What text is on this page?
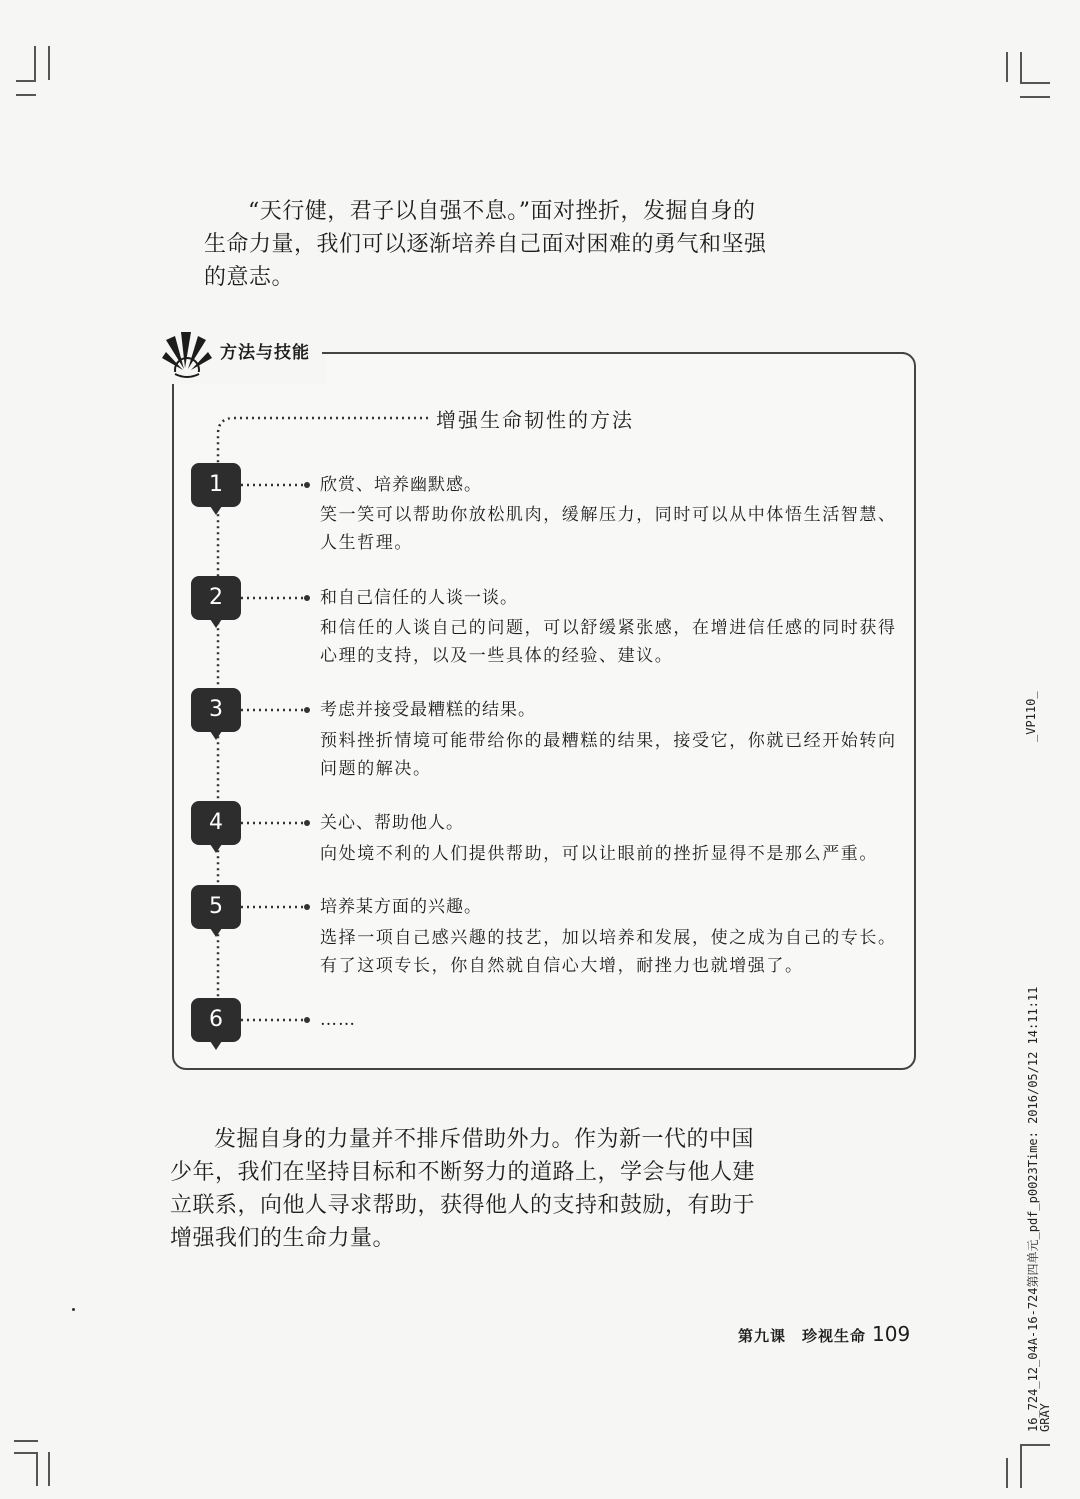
“天行健，君子以自强不息。”面对挫折，发掘自身的生命力量，我们可以逐渐培养自己面对困难的勇气和坚强的意志。

方法与技能
增强生命韧性的方法
1	欣赏、培养幽默感。

笑一笑可以帮助你放松肌肉，缓解压力，同时可以从中体悟生活智慧、人生哲理。

2	和自己信任的人谈一谈。

和信任的人谈自己的问题，可以舒缓紧张感，在增进信任感的同时获得心理的支持，以及一些具体的经验、建议。

3	考虑并接受最糟糕的结果。

预料挫折情境可能带给你的最糟糕的结果，接受它，你就已经开始转向问题的解决。

4	关心、帮助他人。

向处境不利的人们提供帮助，可以让眼前的挫折显得不是那么严重。

5	培养某方面的兴趣。

选择一项自己感兴趣的技艺，加以培养和发展，使之成为自己的专长。有了这项专长，你自然就自信心大增，耐挫力也就增强了。

6	……

发掘自身的力量并不排斥借助外力。作为新一代的中国少年，我们在坚持目标和不断努力的道路上，学会与他人建立联系，向他人寻求帮助，获得他人的支持和鼓励，有助于增强我们的生命力量。

第九课　珍视生命 109
_VP110_
16_724_12_04A-16-724第四单元_pdf_p0023Time: 2016/05/12 14:11:11
GRAY
